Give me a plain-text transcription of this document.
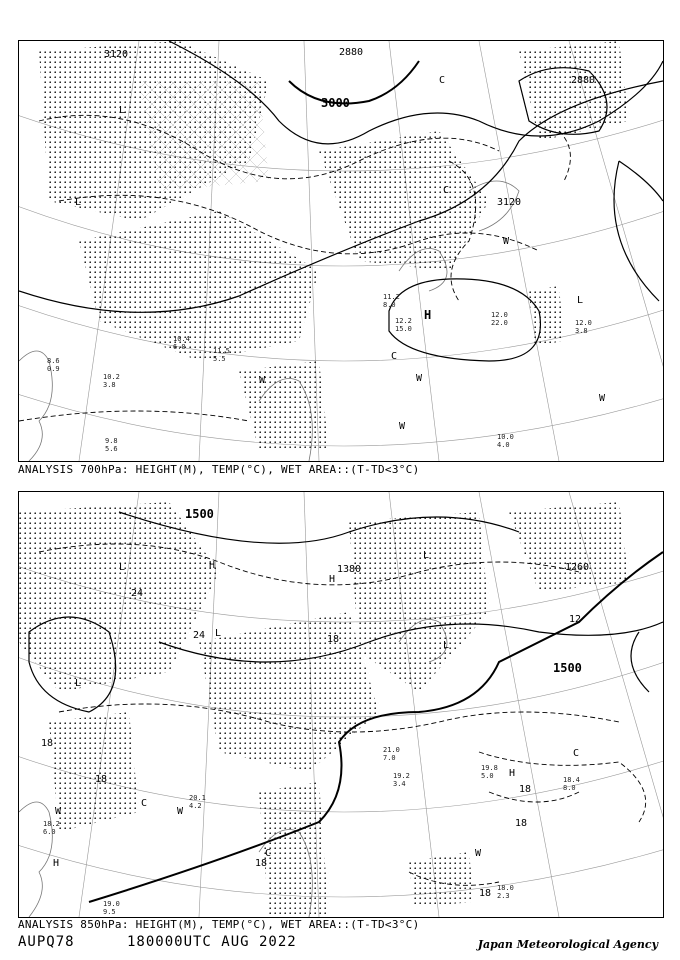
3120	2880
3000
2880
3120
L
L
H
L
C
C
C
W
W
W
W
W
12.0 22.0
12.2 15.0
11.2 8.0
10.4 6.0	11.5 5.5
10.2 3.8
10.0 4.0
12.0 3.8
8.6 0.9
9.8 5.6
ANALYSIS 700hPa: HEIGHT(M), TEMP(°C), WET AREA::(T-TD<3°C)
1500
1380
1500
1260
24
24
18
18
18
18
18
12
18
18
L
L
H
H
L
L
L
H
H
C
C
C
W
W
W
21.0 7.0
19.2 3.4
19.8 5.0	18.4 8.0
20.1 4.2
18.0 2.3
19.0 9.5
18.2 6.0
ANALYSIS 850hPa: HEIGHT(M), TEMP(°C), WET AREA::(T-TD<3°C)
AUPQ78	180000UTC AUG 2022	Japan Meteorological Agency
